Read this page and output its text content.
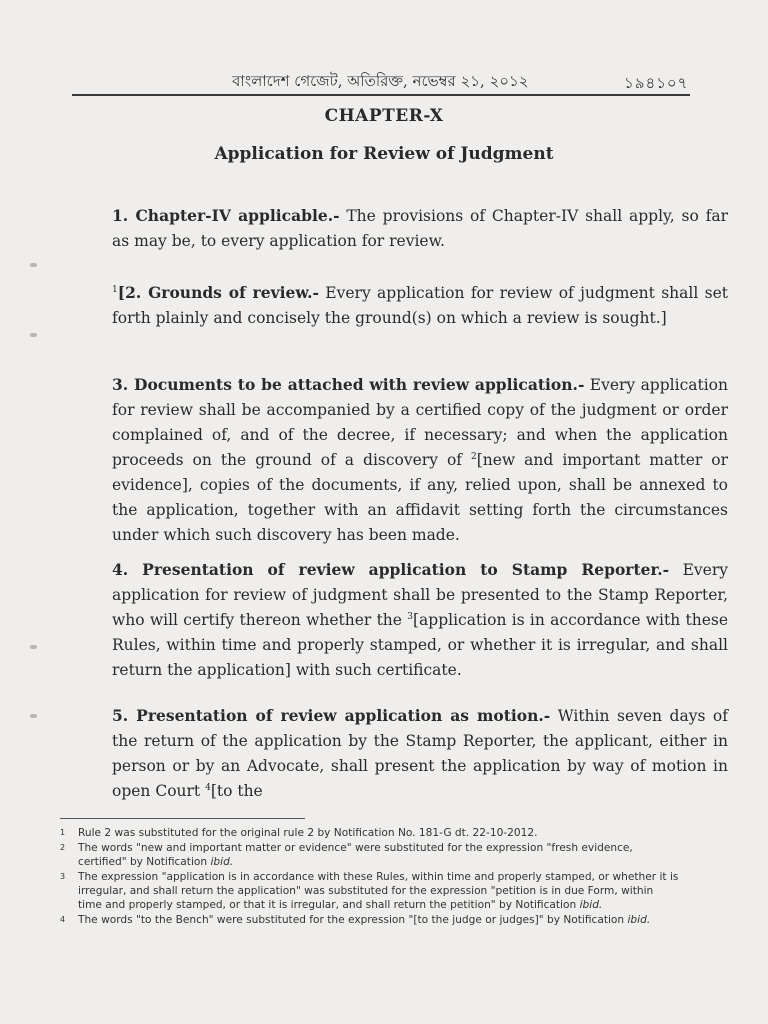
বাংলাদেশ গেজেট, অতিরিক্ত, নভেম্বর ২১, ২০১২	১৯৪১০৭
CHAPTER-X
Application for Review of Judgment
1. Chapter-IV applicable.- The provisions of Chapter-IV shall apply, so far as may be, to every application for review.
$^1$[2. Grounds of review.- Every application for review of judgment shall set forth plainly and concisely the ground(s) on which a review is sought.]
3. Documents to be attached with review application.- Every application for review shall be accompanied by a certified copy of the judgment or order complained of, and of the decree, if necessary; and when the application proceeds on the ground of a discovery of $^2$[new and important matter or evidence], copies of the documents, if any, relied upon, shall be annexed to the application, together with an affidavit setting forth the circumstances under which such discovery has been made.
4. Presentation of review application to Stamp Reporter.- Every application for review of judgment shall be presented to the Stamp Reporter, who will certify thereon whether the $^3$[application is in accordance with these Rules, within time and properly stamped, or whether it is irregular, and shall return the application] with such certificate.
5. Presentation of review application as motion.- Within seven days of the return of the application by the Stamp Reporter, the applicant, either in person or by an Advocate, shall present the application by way of motion in open Court $^4$[to the
1 Rule 2 was substituted for the original rule 2 by Notification No. 181-G dt. 22-10-2012.
2 The words "new and important matter or evidence" were substituted for the expression "fresh evidence, certified" by Notification ibid.
3 The expression "application is in accordance with these Rules, within time and properly stamped, or whether it is irregular, and shall return the application" was substituted for the expression "petition is in due Form, within time and properly stamped, or that it is irregular, and shall return the petition" by Notification ibid.
4 The words "to the Bench" were substituted for the expression "[to the judge or judges]" by Notification ibid.
